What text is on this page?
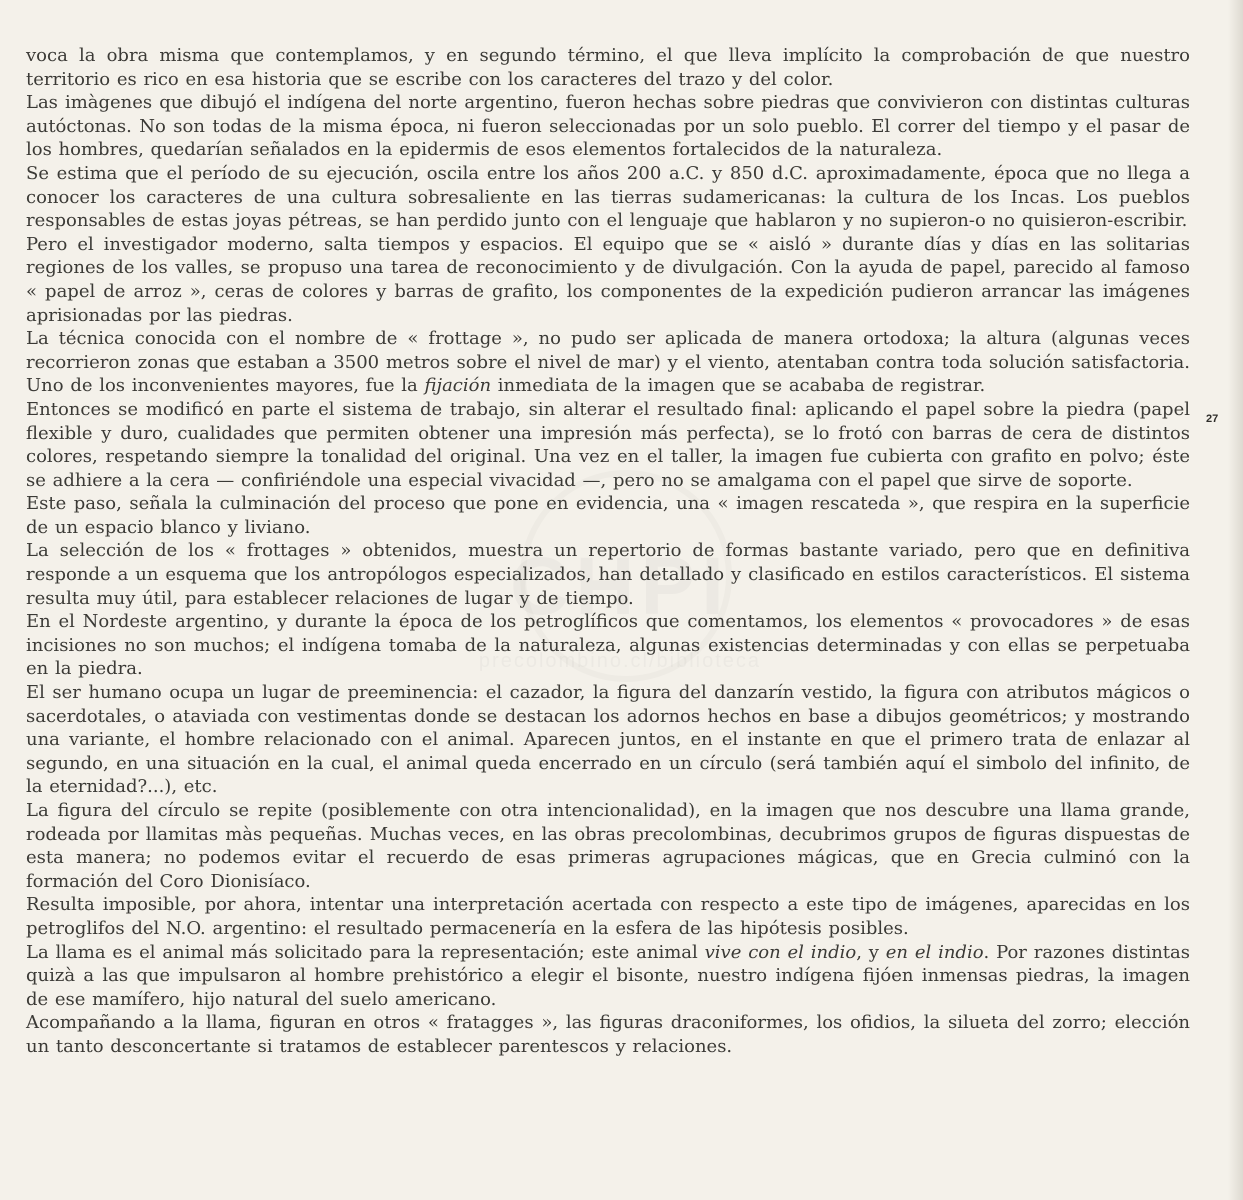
CHPI
precolombino.cl/biblioteca

voca la obra misma que contemplamos, y en segundo término, el que lleva implícito la comprobación de que nuestro territorio es rico en esa historia que se escribe con los caracteres del trazo y del color.

Las imàgenes que dibujó el indígena del norte argentino, fueron hechas sobre piedras que convivieron con distintas culturas autóctonas. No son todas de la misma época, ni fueron seleccionadas por un solo pueblo. El correr del tiempo y el pasar de los hombres, quedarían señalados en la epidermis de esos elementos fortalecidos de la naturaleza.

Se estima que el período de su ejecución, oscila entre los años 200 a.C. y 850 d.C. aproximadamente, época que no llega a conocer los caracteres de una cultura sobresaliente en las tierras sudamericanas: la cultura de los Incas. Los pueblos responsables de estas joyas pétreas, se han perdido junto con el lenguaje que hablaron y no supieron-o no quisieron-escribir.

Pero el investigador moderno, salta tiempos y espacios. El equipo que se « aisló » durante días y días en las solitarias regiones de los valles, se propuso una tarea de reconocimiento y de divulgación. Con la ayuda de papel, parecido al famoso « papel de arroz », ceras de colores y barras de grafito, los componentes de la expedición pudieron arrancar las imágenes aprisionadas por las piedras.

La técnica conocida con el nombre de « frottage », no pudo ser aplicada de manera ortodoxa; la altura (algunas veces recorrieron zonas que estaban a 3500 metros sobre el nivel de mar) y el viento, atentaban contra toda solución satisfactoria. Uno de los inconvenientes mayores, fue la fijación inmediata de la imagen que se acababa de registrar.

Entonces se modificó en parte el sistema de trabajo, sin alterar el resultado final: aplicando el papel sobre la piedra (papel flexible y duro, cualidades que permiten obtener una impresión más perfecta), se lo frotó con barras de cera de distintos colores, respetando siempre la tonalidad del original. Una vez en el taller, la imagen fue cubierta con grafito en polvo; éste se adhiere a la cera — confiriéndole una especial vivacidad —, pero no se amalgama con el papel que sirve de soporte.

Este paso, señala la culminación del proceso que pone en evidencia, una « imagen rescateda », que respira en la superficie de un espacio blanco y liviano.

La selección de los « frottages » obtenidos, muestra un repertorio de formas bastante variado, pero que en definitiva responde a un esquema que los antropólogos especializados, han detallado y clasificado en estilos característicos. El sistema resulta muy útil, para establecer relaciones de lugar y de tiempo.

En el Nordeste argentino, y durante la época de los petroglíficos que comentamos, los elementos « provocadores » de esas incisiones no son muchos; el indígena tomaba de la naturaleza, algunas existencias determinadas y con ellas se perpetuaba en la piedra.

El ser humano ocupa un lugar de preeminencia: el cazador, la figura del danzarín vestido, la figura con atributos mágicos o sacerdotales, o ataviada con vestimentas donde se destacan los adornos hechos en base a dibujos geométricos; y mostrando una variante, el hombre relacionado con el animal. Aparecen juntos, en el instante en que el primero trata de enlazar al segundo, en una situación en la cual, el animal queda encerrado en un círculo (será también aquí el simbolo del infinito, de la eternidad?...), etc.

La figura del círculo se repite (posiblemente con otra intencionalidad), en la imagen que nos descubre una llama grande, rodeada por llamitas màs pequeñas. Muchas veces, en las obras precolombinas, decubrimos grupos de figuras dispuestas de esta manera; no podemos evitar el recuerdo de esas primeras agrupaciones mágicas, que en Grecia culminó con la formación del Coro Dionisíaco.

Resulta imposible, por ahora, intentar una interpretación acertada con respecto a este tipo de imágenes, aparecidas en los petroglifos del N.O. argentino: el resultado permacenería en la esfera de las hipótesis posibles.

La llama es el animal más solicitado para la representación; este animal vive con el indio, y en el indio. Por razones distintas quizà a las que impulsaron al hombre prehistórico a elegir el bisonte, nuestro indígena fijóen inmensas piedras, la imagen de ese mamífero, hijo natural del suelo americano.

Acompañando a la llama, figuran en otros « fratagges », las figuras draconiformes, los ofidios, la silueta del zorro; elección un tanto desconcertante si tratamos de establecer parentescos y relaciones.

27
